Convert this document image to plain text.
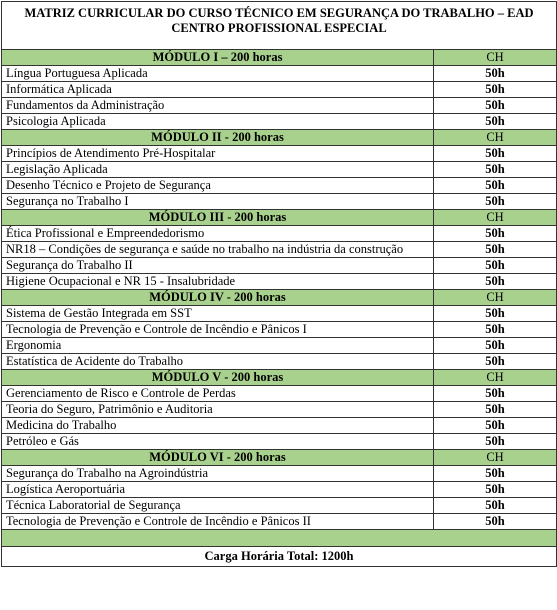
MATRIZ CURRICULAR DO CURSO TÉCNICO EM SEGURANÇA DO TRABALHO – EAD
CENTRO PROFISSIONAL ESPECIAL	
MÓDULO I – 200 horas	CH
Língua Portuguesa Aplicada	50h
Informática Aplicada	50h
Fundamentos da Administração	50h
Psicologia Aplicada	50h
MÓDULO II - 200 horas	CH
Princípios de Atendimento Pré-Hospitalar	50h
Legislação Aplicada	50h
Desenho Técnico e Projeto de Segurança	50h
Segurança no Trabalho I	50h
MÓDULO III - 200 horas	CH
Ética Profissional e Empreendedorismo	50h
NR18 – Condições de segurança e saúde no trabalho na indústria da construção	50h
Segurança do Trabalho II	50h
Higiene Ocupacional e NR 15 - Insalubridade	50h
MÓDULO IV - 200 horas	CH
Sistema de Gestão Integrada em SST	50h
Tecnologia de Prevenção e Controle de Incêndio e Pânicos I	50h
Ergonomia	50h
Estatística de Acidente do Trabalho	50h
MÓDULO V - 200 horas	CH
Gerenciamento de Risco e Controle de Perdas	50h
Teoria do Seguro, Patrimônio e Auditoria	50h
Medicina do Trabalho	50h
Petróleo e Gás	50h
MÓDULO VI - 200 horas	CH
Segurança do Trabalho na Agroindústria	50h
Logística Aeroportuária	50h
Técnica Laboratorial de Segurança	50h
Tecnologia de Prevenção e Controle de Incêndio e Pânicos II	50h

Carga Horária Total: 1200h	
